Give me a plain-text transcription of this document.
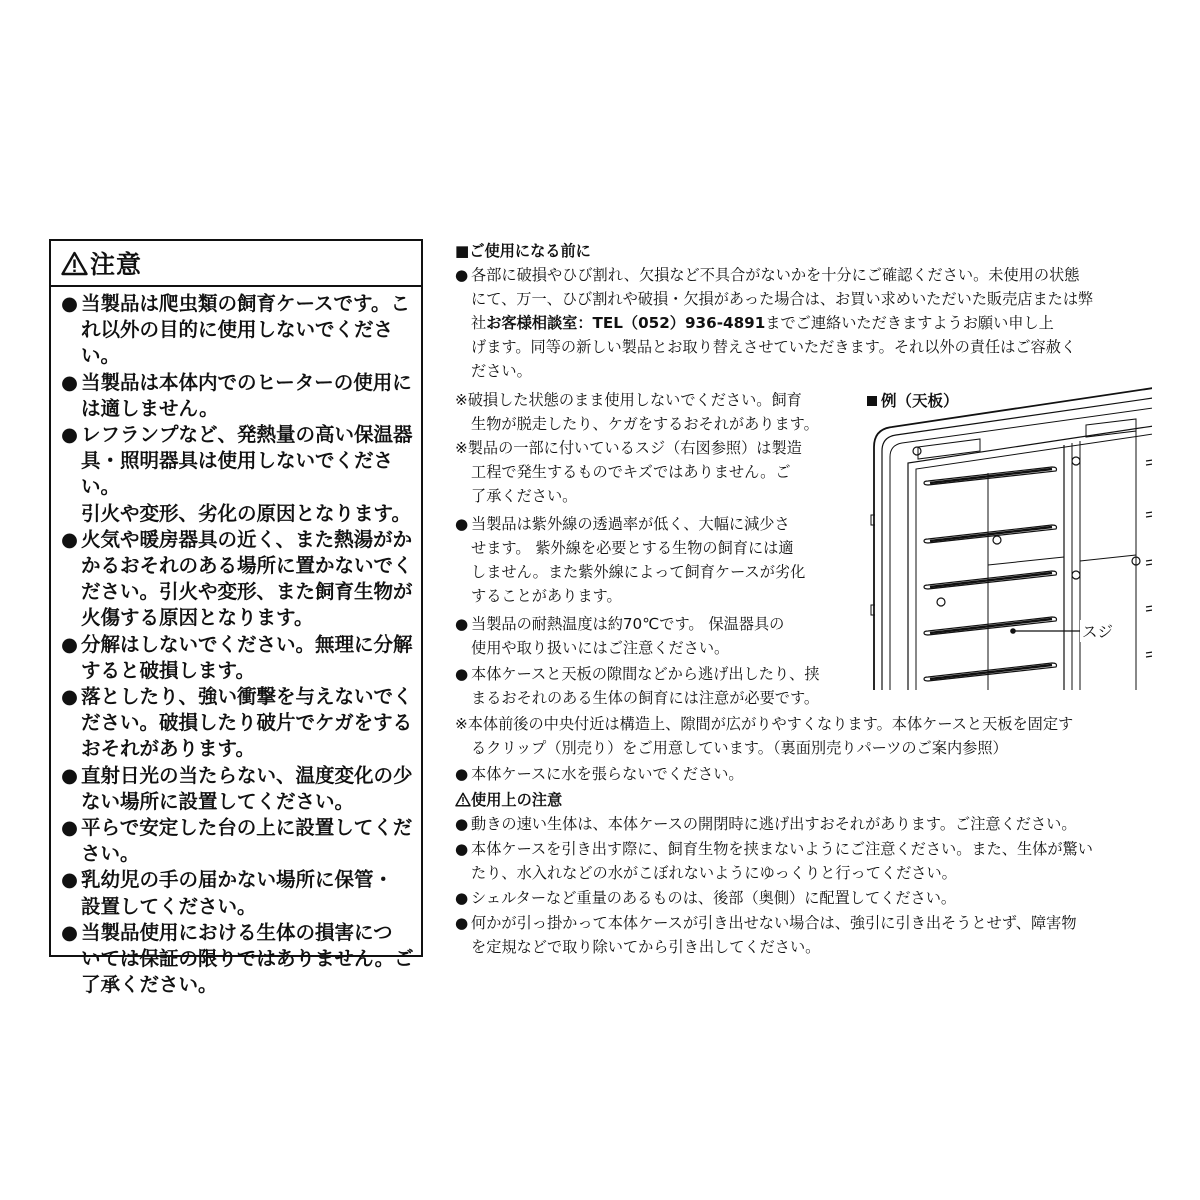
注意
● 当製品は爬虫類の飼育ケースです。こ
れ以外の目的に使用しないでください。
● 当製品は本体内でのヒーターの使用に
は適しません。
● レフランプなど、発熱量の高い保温器
具・照明器具は使用しないでください。
引火や変形、劣化の原因となります。
● 火気や暖房器具の近く、また熱湯がか
かるおそれのある場所に置かないでく
ださい。引火や変形、また飼育生物が
火傷する原因となります。
● 分解はしないでください。無理に分解
すると破損します。
● 落としたり、強い衝撃を与えないでく
ださい。破損したり破片でケガをする
おそれがあります。
● 直射日光の当たらない、温度変化の少
ない場所に設置してください。
● 平らで安定した台の上に設置してくだ
さい。
● 乳幼児の手の届かない場所に保管・
設置してください。
● 当製品使用における生体の損害につ
いては保証の限りではありません。ご
了承ください。
■ご使用になる前に
● 各部に破損やひび割れ、欠損など不具合がないかを十分にご確認ください。未使用の状態
にて、万一、ひび割れや破損・欠損があった場合は、お買い求めいただいた販売店または弊
社お客様相談室：TEL（052）936-4891までご連絡いただきますようお願い申し上
げます。同等の新しい製品とお取り替えさせていただきます。それ以外の責任はご容赦く
ださい。
※破損した状態のまま使用しないでください。飼育
生物が脱走したり、ケガをするおそれがあります。
※製品の一部に付いているスジ（右図参照）は製造
工程で発生するものでキズではありません。ご
了承ください。
● 当製品は紫外線の透過率が低く、大幅に減少さ
せます。 紫外線を必要とする生物の飼育には適
しません。また紫外線によって飼育ケースが劣化
することがあります。
● 当製品の耐熱温度は約70℃です。 保温器具の
使用や取り扱いにはご注意ください。
● 本体ケースと天板の隙間などから逃げ出したり、挟
まるおそれのある生体の飼育には注意が必要です。
※本体前後の中央付近は構造上、隙間が広がりやすくなります。本体ケースと天板を固定す
るクリップ（別売り）をご用意しています。（裏面別売りパーツのご案内参照）
● 本体ケースに水を張らないでください。
使用上の注意
● 動きの速い生体は、本体ケースの開閉時に逃げ出すおそれがあります。ご注意ください。
● 本体ケースを引き出す際に、飼育生物を挟まないようにご注意ください。また、生体が驚い
たり、水入れなどの水がこぼれないようにゆっくりと行ってください。
● シェルターなど重量のあるものは、後部（奥側）に配置してください。
● 何かが引っ掛かって本体ケースが引き出せない場合は、強引に引き出そうとせず、障害物
を定規などで取り除いてから引き出してください。
例（天板）
スジ
